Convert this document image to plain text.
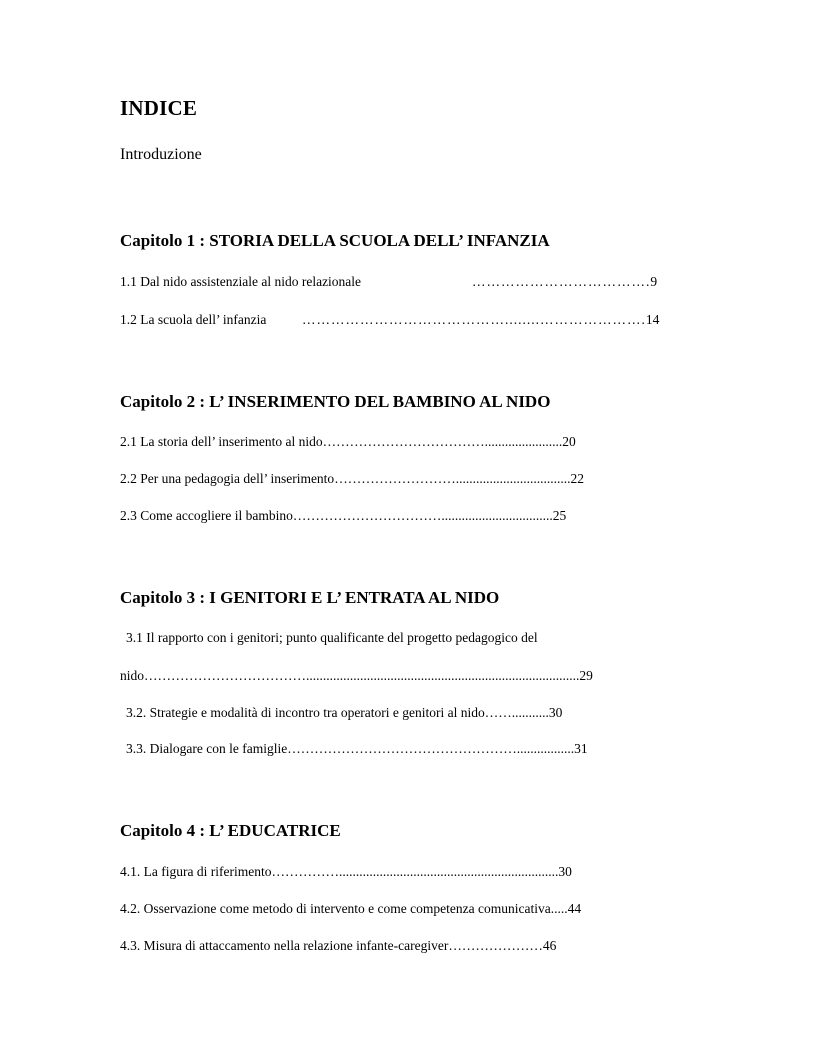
INDICE
Introduzione
Capitolo 1 : STORIA DELLA SCUOLA DELL’ INFANZIA
1.1 Dal nido assistenziale al nido relazionale	……………………………….9
1.2 La scuola dell’ infanzia	……………………………………........………………….14
Capitolo 2 : L’ INSERIMENTO DEL BAMBINO AL NIDO
2.1 La storia dell’ inserimento al nido……………………………….......................20
2.2 Per una pedagogia dell’ inserimento………………………..................................22
2.3 Come accogliere il bambino…………………………….................................25
Capitolo 3 : I GENITORI E L’ ENTRATA AL NIDO
3.1 Il rapporto con i genitori; punto qualificante del progetto pedagogico del
nido……………………………….................................................................................29
3.2. Strategie e modalità di incontro tra operatori e genitori al nido……...........30
3.3. Dialogare con le famiglie…………………………………………….................31
Capitolo 4 : L’ EDUCATRICE
4.1. La figura di riferimento…………….................................................................30
4.2. Osservazione come metodo di intervento e come competenza comunicativa.....44
4.3. Misura di attaccamento nella relazione infante-caregiver…………………46
